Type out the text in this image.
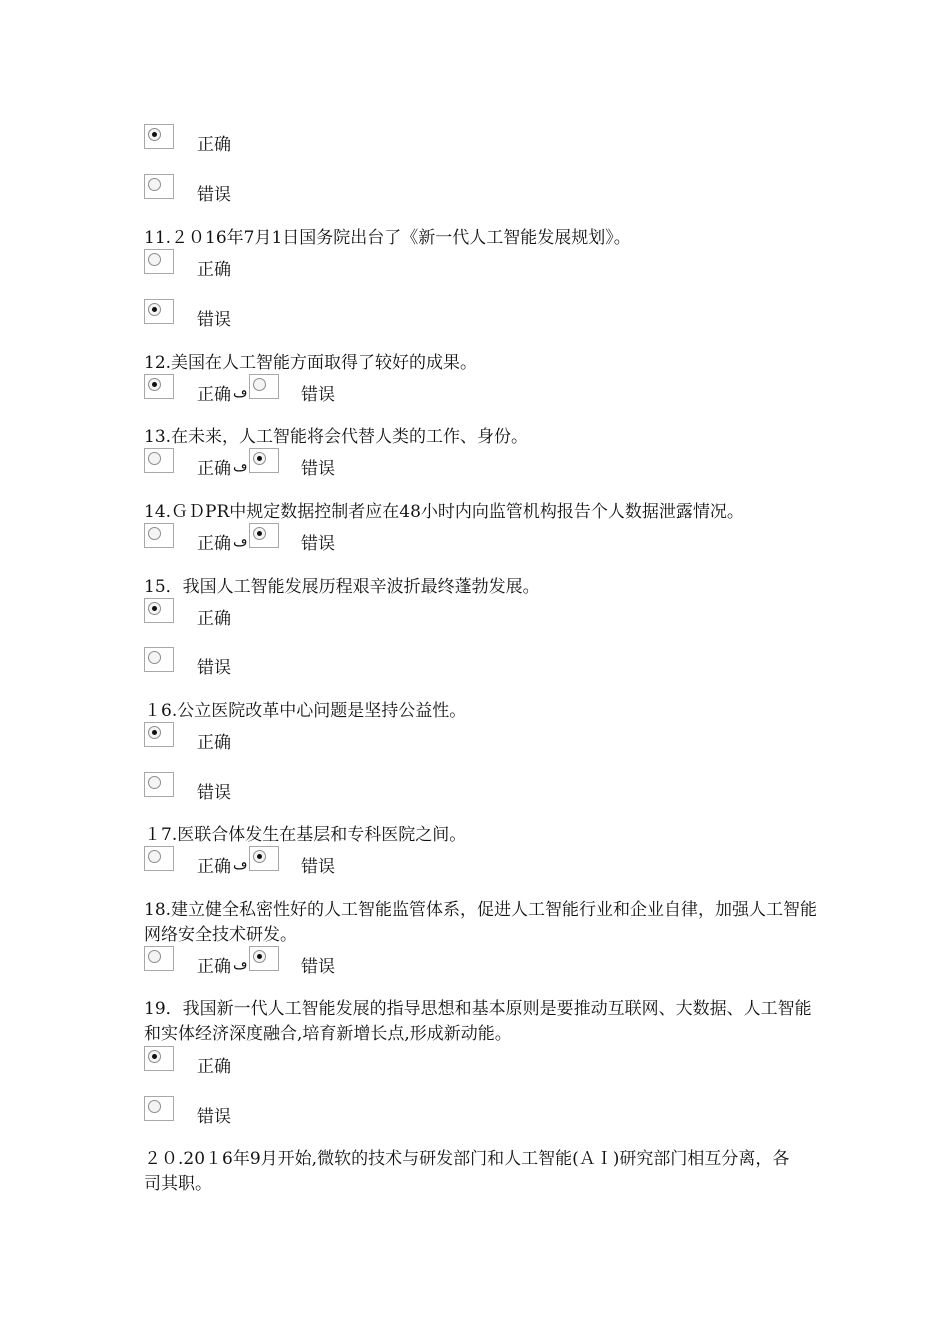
正确
错误
11.２０16年7月1日国务院出台了《新一代人工智能发展规划》。
正确
错误
12.美国在人工智能方面取得了较好的成果。
正确 ڡ	错误
13.在未来，人工智能将会代替人类的工作、身份。
正确 ڡ	错误
14.ＧＤPR中规定数据控制者应在48小时内向监管机构报告个人数据泄露情况。
正确 ڡ	错误
15．我国人工智能发展历程艰辛波折最终蓬勃发展。
正确
错误
１6.公立医院改革中心问题是坚持公益性。
正确
错误
１7.医联合体发生在基层和专科医院之间。
正确 ڡ	错误
18.建立健全私密性好的人工智能监管体系，促进人工智能行业和企业自律，加强人工智能网络安全技术研发。
正确 ڡ	错误
19．我国新一代人工智能发展的指导思想和基本原则是要推动互联网、大数据、人工智能和实体经济深度融合,培育新增长点,形成新动能。
正确
错误
２０.20１6年9月开始,微软的技术与研发部门和人工智能(ＡＩ)研究部门相互分离，各司其职。
